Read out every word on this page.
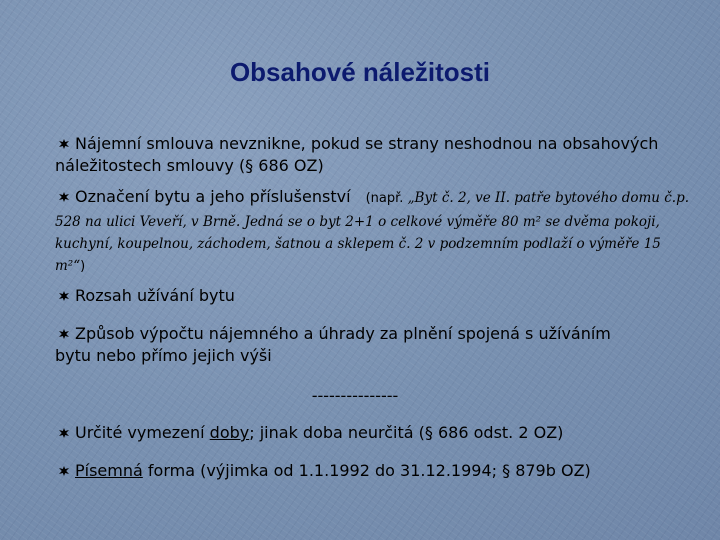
Obsahové náležitosti
Nájemní smlouva nevznikne, pokud se strany neshodnou na obsahových náležitostech smlouvy (§ 686 OZ)
Označení bytu a jeho příslušenství (např. „Byt č. 2, ve II. patře bytového domu č.p. 528 na ulici Veveří, v Brně. Jedná se o byt 2+1 o celkové výměře 80 m² se dvěma pokoji, kuchyní, koupelnou, záchodem, šatnou a sklepem č. 2 v podzemním podlaží o výměře 15 m²“)
Rozsah užívání bytu
Způsob výpočtu nájemného a úhrady za plnění spojená s užíváním bytu nebo přímo jejich výši
---------------
Určité vymezení doby; jinak doba neurčitá (§ 686 odst. 2 OZ)
Písemná forma (výjimka od 1.1.1992 do 31.12.1994; § 879b OZ)
